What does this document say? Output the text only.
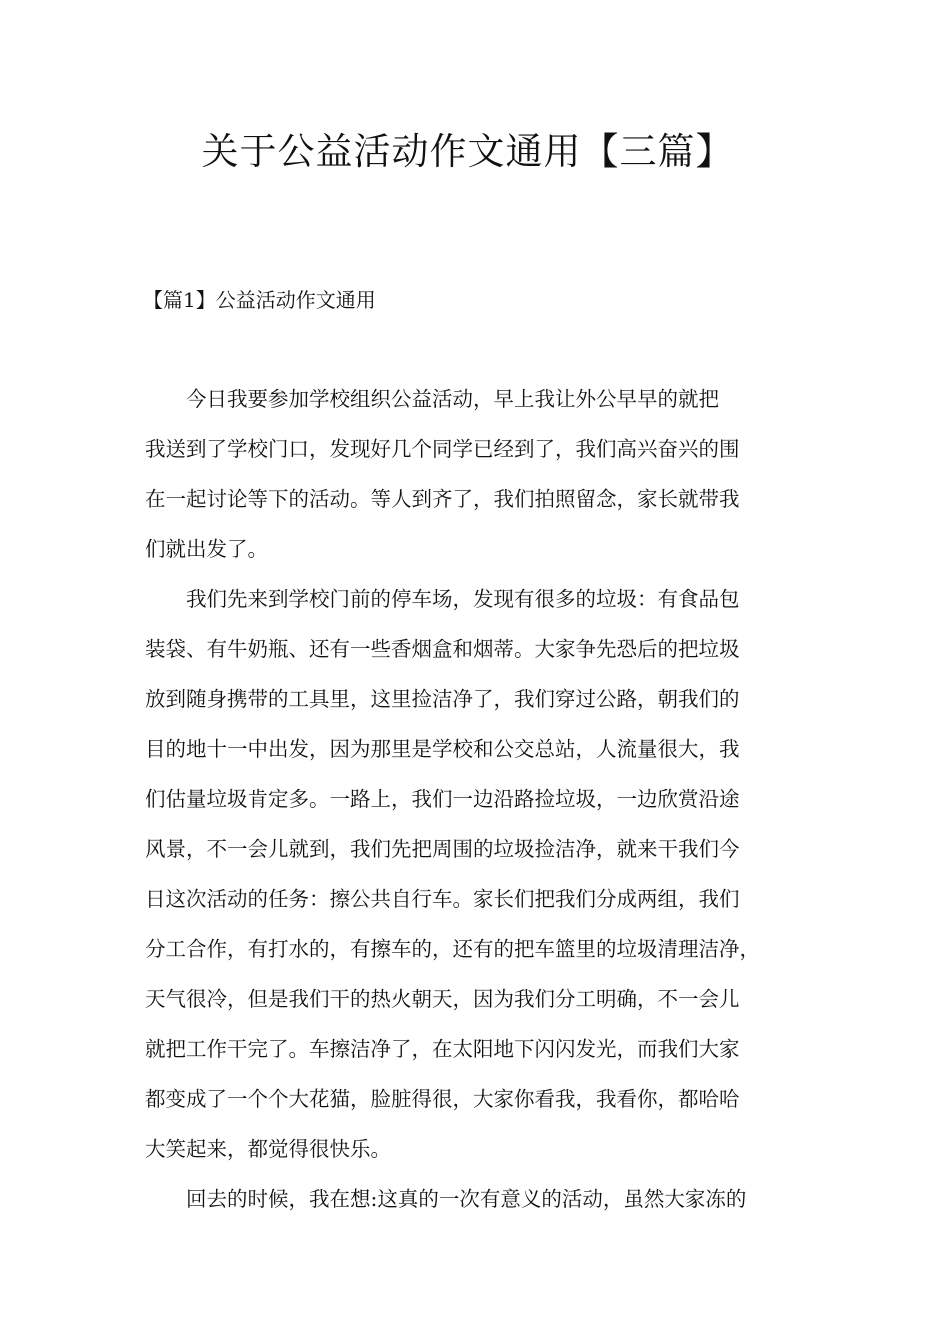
关于公益活动作文通用【三篇】
【篇1】公益活动作文通用

　　今日我要参加学校组织公益活动，早上我让外公早早的就把

我送到了学校门口，发现好几个同学已经到了，我们高兴奋兴的围

在一起讨论等下的活动。等人到齐了，我们拍照留念，家长就带我

们就出发了。

　　我们先来到学校门前的停车场，发现有很多的垃圾：有食品包

装袋、有牛奶瓶、还有一些香烟盒和烟蒂。大家争先恐后的把垃圾

放到随身携带的工具里，这里捡洁净了，我们穿过公路，朝我们的

目的地十一中出发，因为那里是学校和公交总站，人流量很大，我

们估量垃圾肯定多。一路上，我们一边沿路捡垃圾，一边欣赏沿途

风景，不一会儿就到，我们先把周围的垃圾捡洁净，就来干我们今

日这次活动的任务：擦公共自行车。家长们把我们分成两组，我们

分工合作，有打水的，有擦车的，还有的把车篮里的垃圾清理洁净，

天气很冷，但是我们干的热火朝天，因为我们分工明确，不一会儿

就把工作干完了。车擦洁净了，在太阳地下闪闪发光，而我们大家

都变成了一个个大花猫，脸脏得很，大家你看我，我看你，都哈哈

大笑起来，都觉得很快乐。

　　回去的时候，我在想:这真的一次有意义的活动，虽然大家冻的
